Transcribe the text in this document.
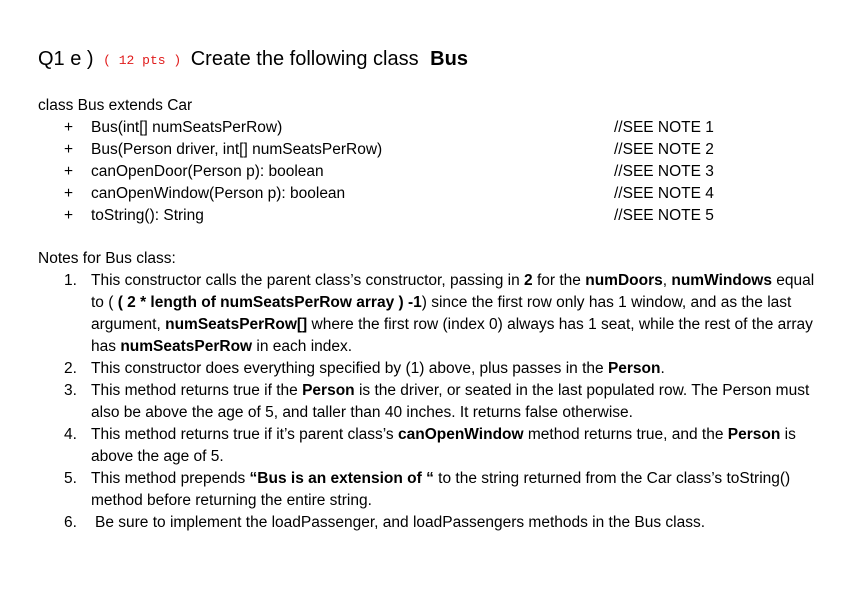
Q1 e ) ( 12 pts ) Create the following class Bus
class Bus extends Car
+ Bus(int[] numSeatsPerRow)	//SEE NOTE 1
+ Bus(Person driver, int[] numSeatsPerRow)	//SEE NOTE 2
+ canOpenDoor(Person p): boolean	//SEE NOTE 3
+ canOpenWindow(Person p): boolean	//SEE NOTE 4
+ toString(): String	//SEE NOTE 5
Notes for Bus class:
1. This constructor calls the parent class’s constructor, passing in 2 for the numDoors, numWindows equal to ( ( 2 * length of numSeatsPerRow array ) -1) since the first row only has 1 window, and as the last argument, numSeatsPerRow[] where the first row (index 0) always has 1 seat, while the rest of the array has numSeatsPerRow in each index.
2. This constructor does everything specified by (1) above, plus passes in the Person.
3. This method returns true if the Person is the driver, or seated in the last populated row. The Person must also be above the age of 5, and taller than 40 inches. It returns false otherwise.
4. This method returns true if it’s parent class’s canOpenWindow method returns true, and the Person is above the age of 5.
5. This method prepends “Bus is an extension of “ to the string returned from the Car class’s toString() method before returning the entire string.
6. Be sure to implement the loadPassenger, and loadPassengers methods in the Bus class.
